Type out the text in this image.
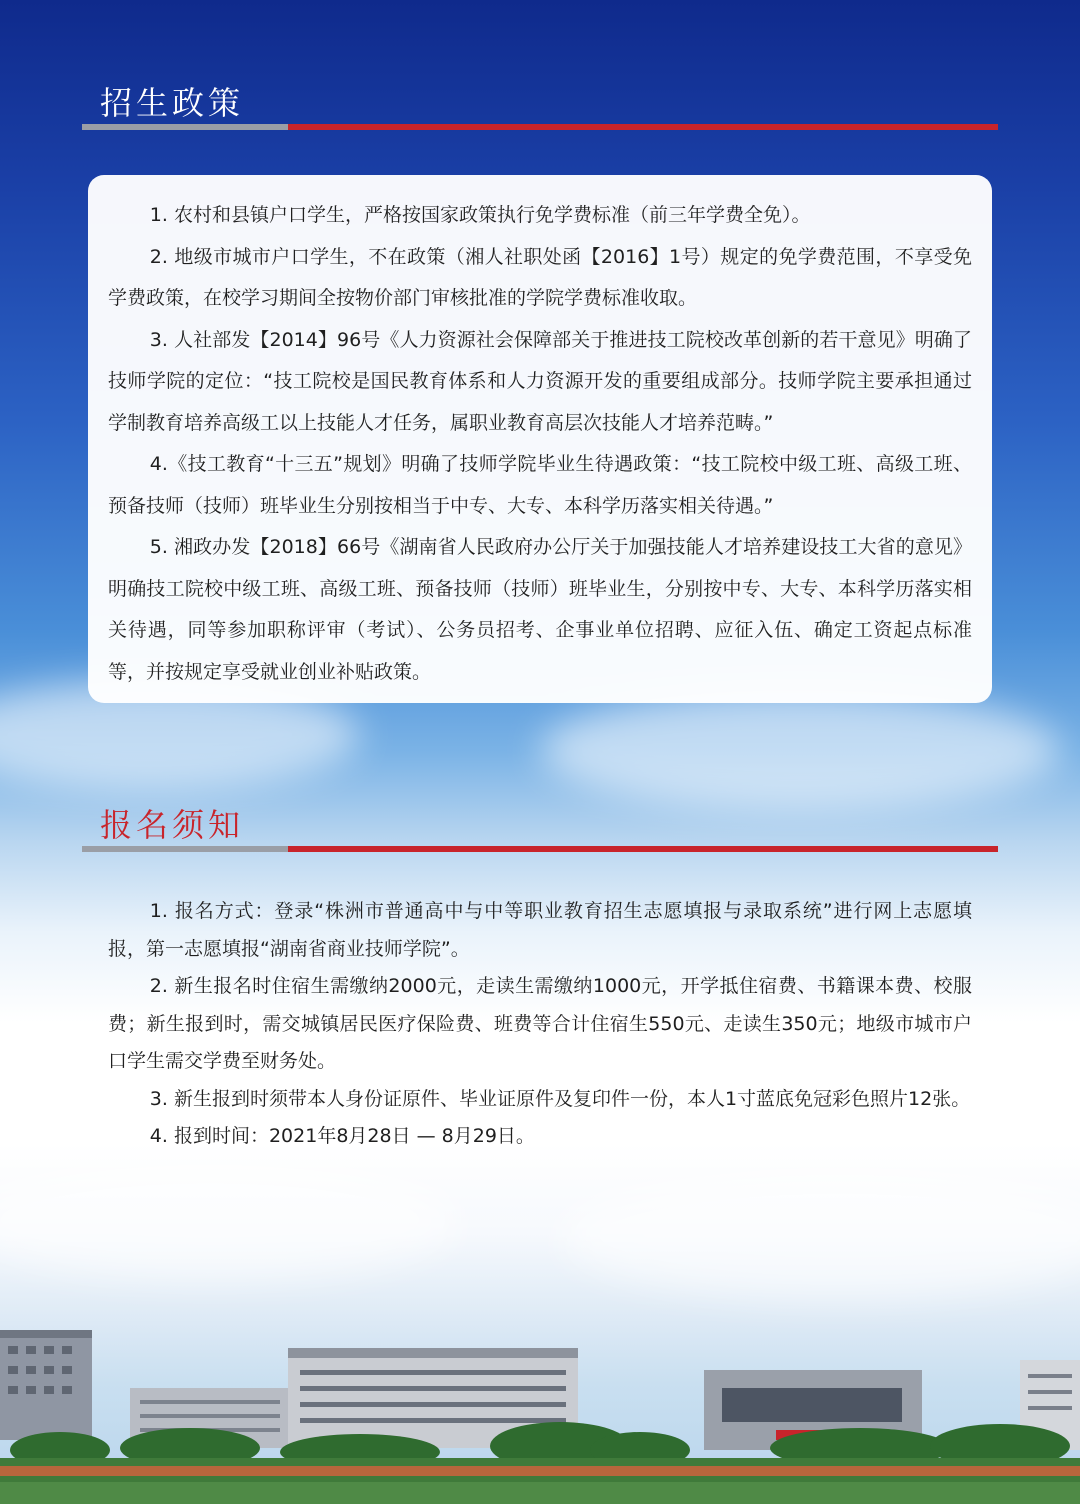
招生政策

1. 农村和县镇户口学生，严格按国家政策执行免学费标准（前三年学费全免）。

2. 地级市城市户口学生，不在政策（湘人社职处函【2016】1号）规定的免学费范围，不享受免学费政策，在校学习期间全按物价部门审核批准的学院学费标准收取。

3. 人社部发【2014】96号《人力资源社会保障部关于推进技工院校改革创新的若干意见》明确了技师学院的定位：“技工院校是国民教育体系和人力资源开发的重要组成部分。技师学院主要承担通过学制教育培养高级工以上技能人才任务，属职业教育高层次技能人才培养范畴。”

4.《技工教育“十三五”规划》明确了技师学院毕业生待遇政策：“技工院校中级工班、高级工班、预备技师（技师）班毕业生分别按相当于中专、大专、本科学历落实相关待遇。”

5. 湘政办发【2018】66号《湖南省人民政府办公厅关于加强技能人才培养建设技工大省的意见》明确技工院校中级工班、高级工班、预备技师（技师）班毕业生，分别按中专、大专、本科学历落实相关待遇，同等参加职称评审（考试）、公务员招考、企事业单位招聘、应征入伍、确定工资起点标准等，并按规定享受就业创业补贴政策。

报名须知

1. 报名方式：登录“株洲市普通高中与中等职业教育招生志愿填报与录取系统”进行网上志愿填报，第一志愿填报“湖南省商业技师学院”。

2. 新生报名时住宿生需缴纳2000元，走读生需缴纳1000元，开学抵住宿费、书籍课本费、校服费；新生报到时，需交城镇居民医疗保险费、班费等合计住宿生550元、走读生350元；地级市城市户口学生需交学费至财务处。

3. 新生报到时须带本人身份证原件、毕业证原件及复印件一份，本人1寸蓝底免冠彩色照片12张。

4. 报到时间：2021年8月28日 — 8月29日。
